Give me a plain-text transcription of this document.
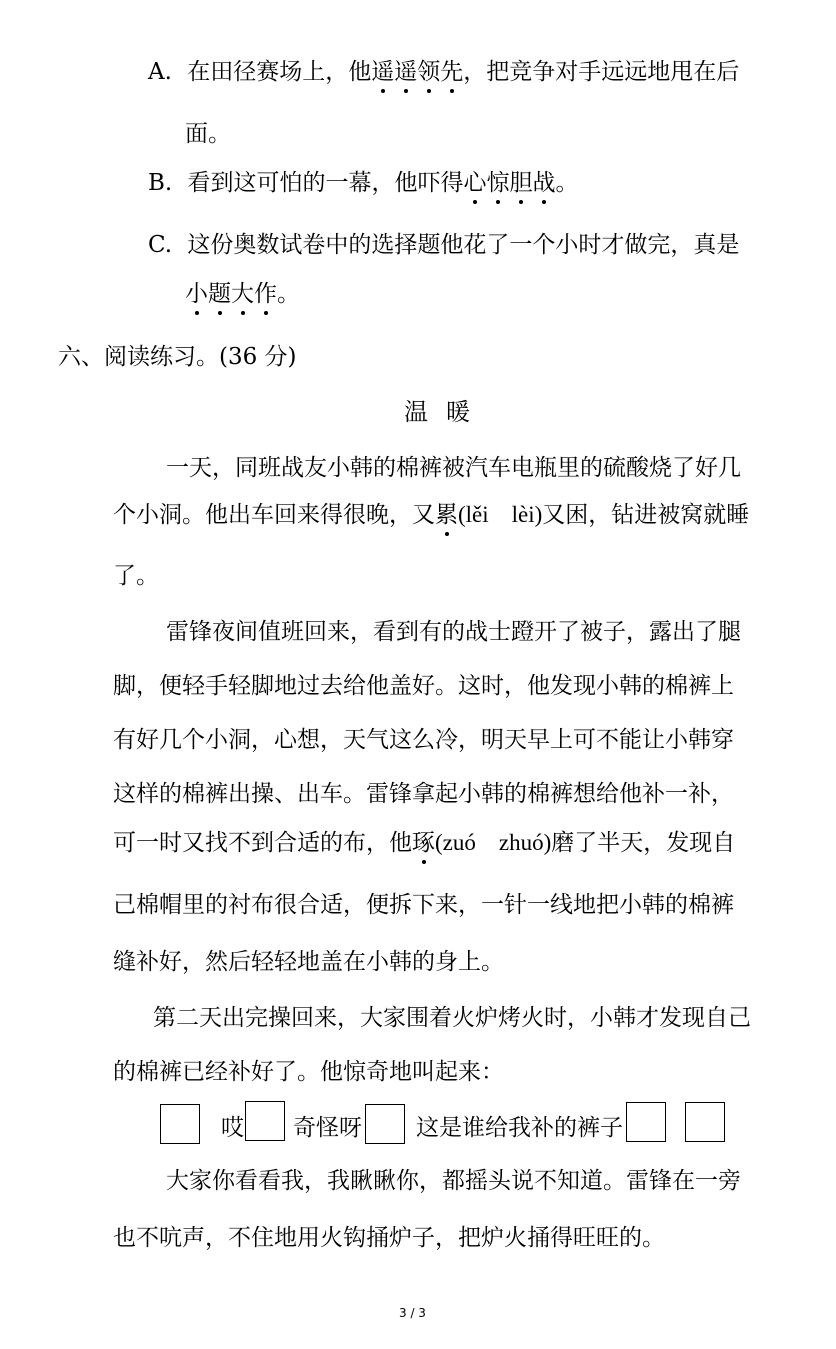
A. 在田径赛场上，他遥遥领先，把竞争对手远远地甩在后
面。
B. 看到这可怕的一幕，他吓得心惊胆战。
C. 这份奥数试卷中的选择题他花了一个小时才做完，真是
小题大作。
六、阅读练习。(36 分)
温暖
一天，同班战友小韩的棉裤被汽车电瓶里的硫酸烧了好几
个小洞。他出车回来得很晚，又累(lěi　lèi)又困，钻进被窝就睡
了。
雷锋夜间值班回来，看到有的战士蹬开了被子，露出了腿
脚，便轻手轻脚地过去给他盖好。这时，他发现小韩的棉裤上
有好几个小洞，心想，天气这么冷，明天早上可不能让小韩穿
这样的棉裤出操、出车。雷锋拿起小韩的棉裤想给他补一补，
可一时又找不到合适的布，他琢(zuó　zhuó)磨了半天，发现自
己棉帽里的衬布很合适，便拆下来，一针一线地把小韩的棉裤
缝补好，然后轻轻地盖在小韩的身上。
第二天出完操回来，大家围着火炉烤火时，小韩才发现自己
的棉裤已经补好了。他惊奇地叫起来：
哎 奇怪呀 这是谁给我补的裤子
大家你看看我，我瞅瞅你，都摇头说不知道。雷锋在一旁
也不吭声，不住地用火钩捅炉子，把炉火捅得旺旺的。
3 / 3
